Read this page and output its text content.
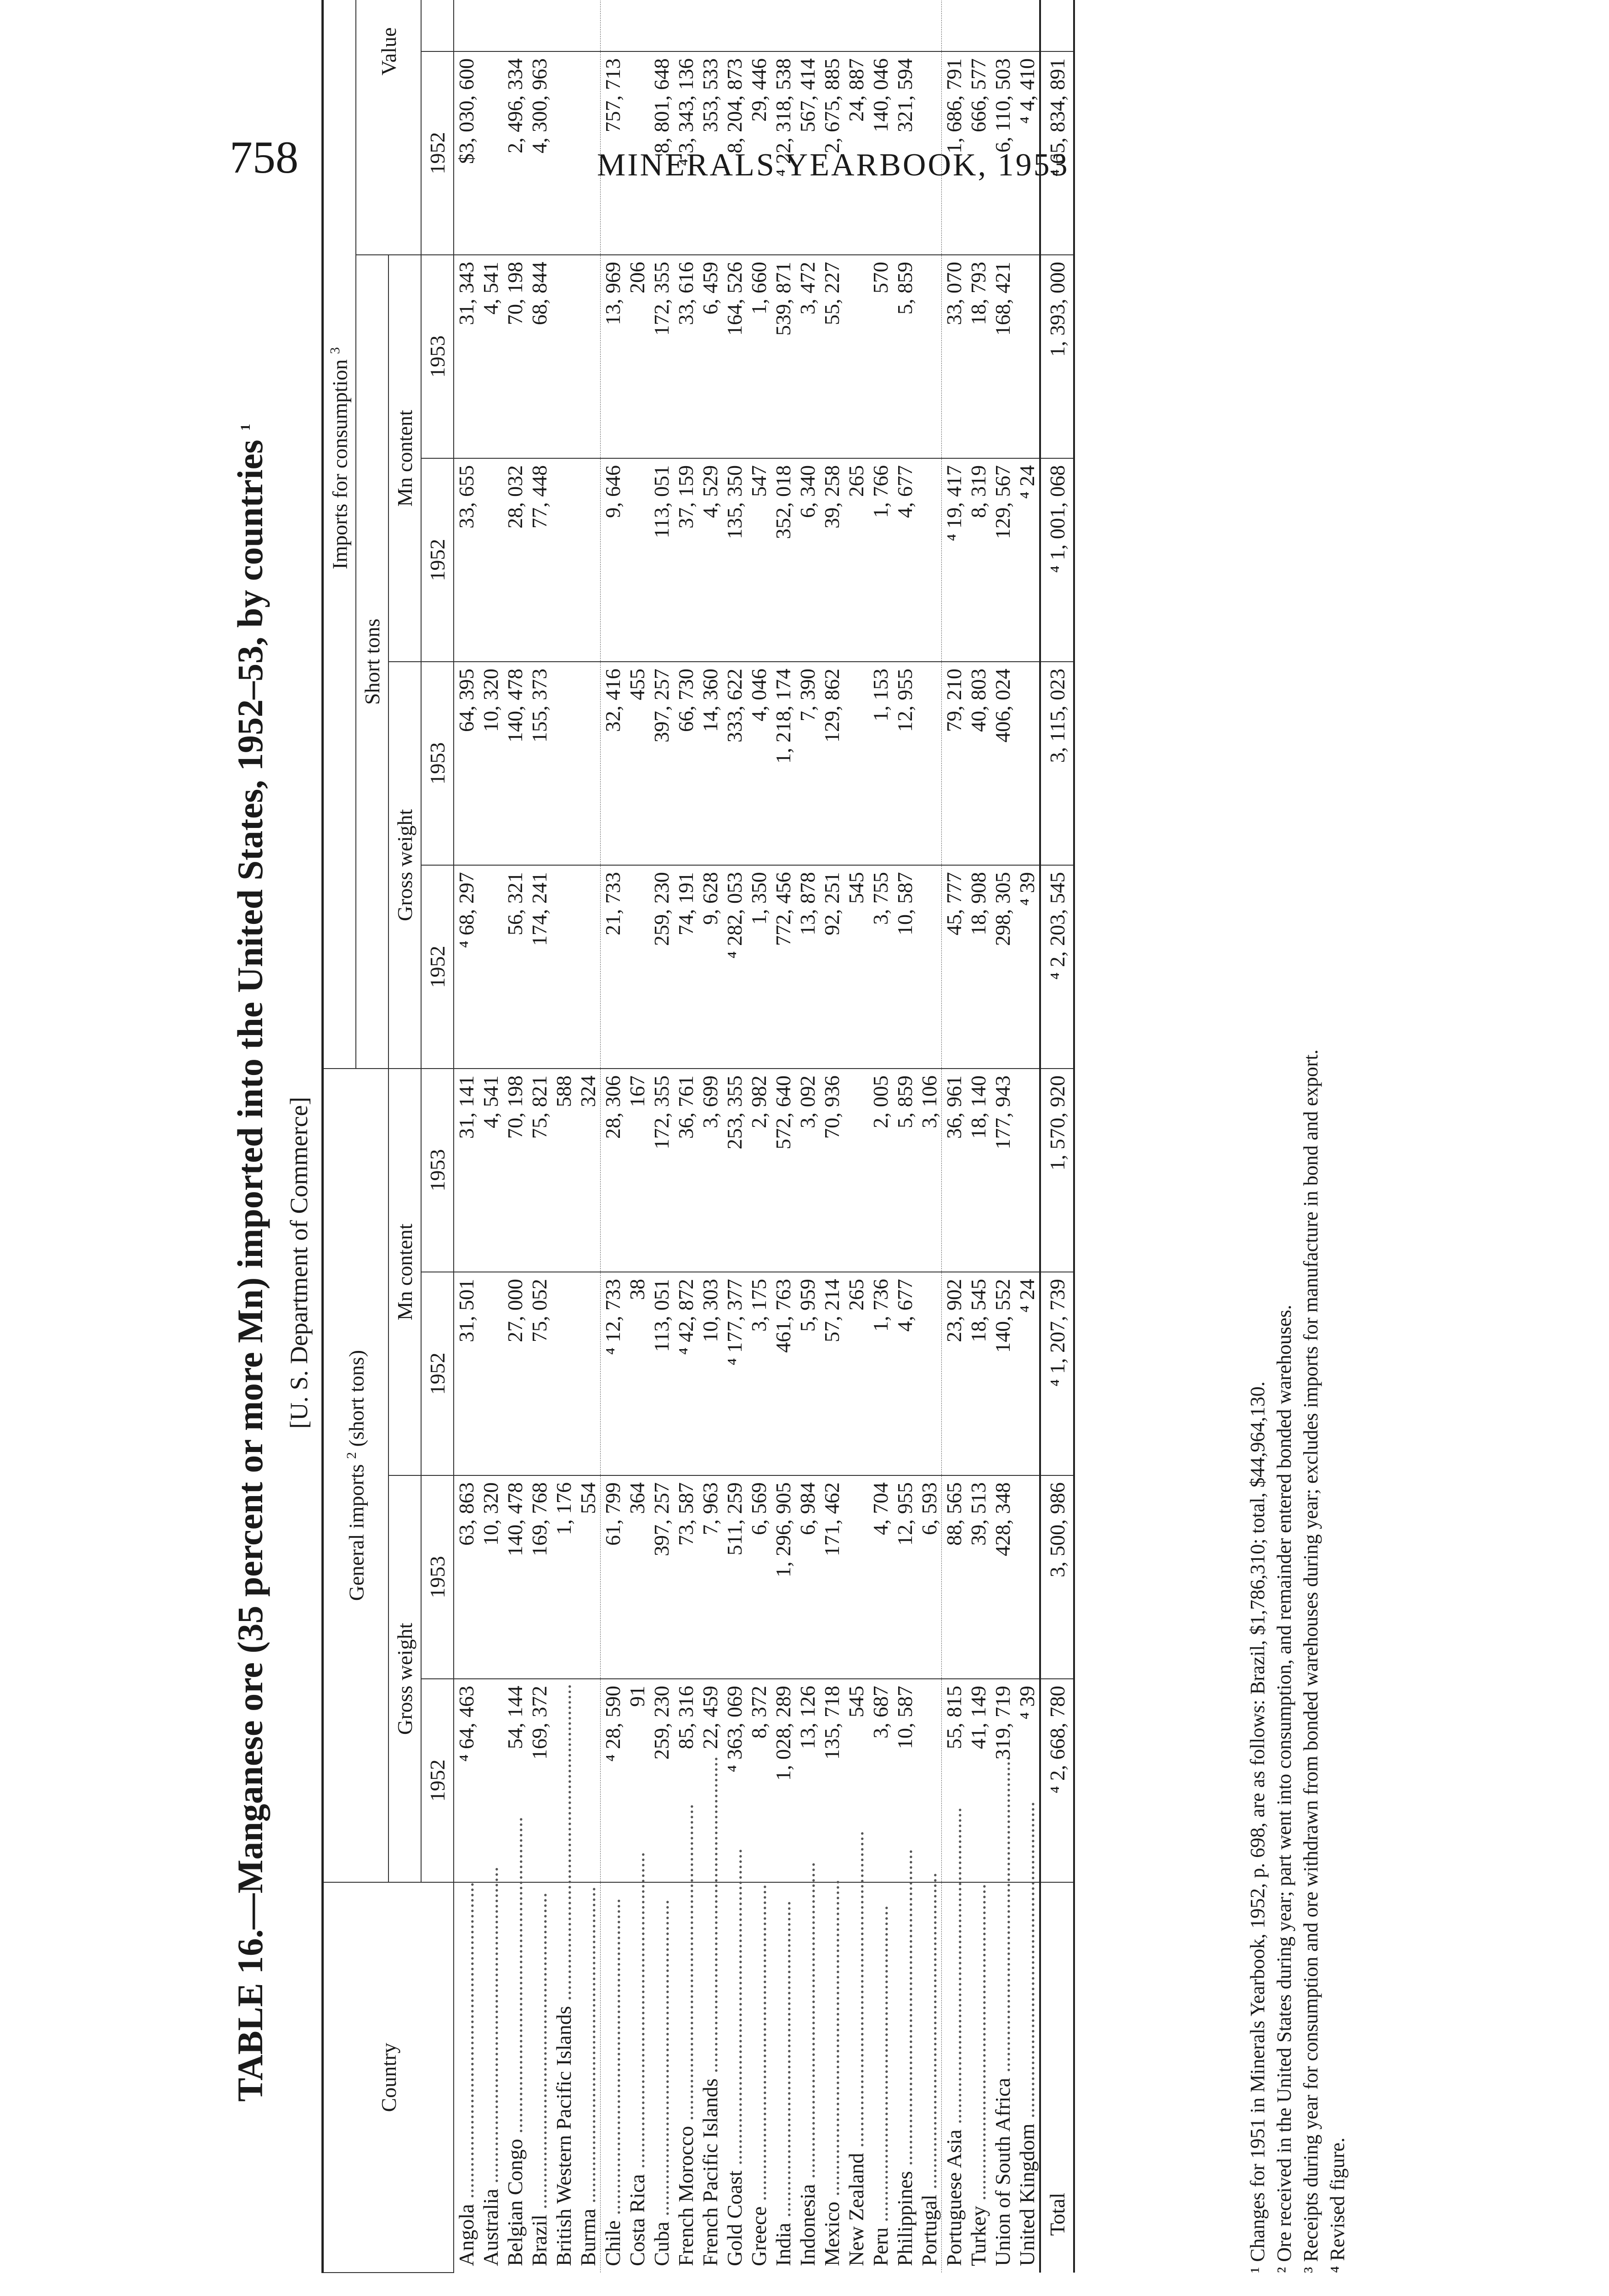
758	MINERALS YEARBOOK, 1953
TABLE 16.—Manganese ore (35 percent or more Mn) imported into the United States, 1952–53, by countries $^1$
[U. S. Department of Commerce]
Country	General imports $^2$ (short tons)				Imports for consumption $^3$
					Short tons				Value	
	Gross weight		Mn content		Gross weight		Mn content			
	1952	1953	1952	1953	1952	1953	1952	1953	1952	
Angola ............................................................	⁴ 64, 463	63, 863	31, 501	31, 141	⁴ 68, 297	64, 395	33, 655	31, 343	$3, 030, 600	
Australia ............................................................		10, 320		4, 541		10, 320		4, 541		
Belgian Congo ............................................................	54, 144	140, 478	27, 000	70, 198	56, 321	140, 478	28, 032	70, 198	2, 496, 334	
Brazil ............................................................	169, 372	169, 768	75, 052	75, 821	174, 241	155, 373	77, 448	68, 844	4, 300, 963	
British Western Pacific Islands ............................................................		1, 176		588						
Burma ............................................................		554		324						
Chile ............................................................	⁴ 28, 590	61, 799	⁴ 12, 733	28, 306	21, 733	32, 416	9, 646	13, 969	757, 713	
Costa Rica ............................................................	91	364	38	167		455		206		
Cuba ............................................................	259, 230	397, 257	113, 051	172, 355	259, 230	397, 257	113, 051	172, 355	8, 801, 648	
French Morocco ............................................................	85, 316	73, 587	⁴ 42, 872	36, 761	74, 191	66, 730	37, 159	33, 616	⁴ 3, 343, 136	
French Pacific Islands ............................................................	22, 459	7, 963	10, 303	3, 699	9, 628	14, 360	4, 529	6, 459	353, 533	
Gold Coast ............................................................	⁴ 363, 069	511, 259	⁴ 177, 377	253, 355	⁴ 282, 053	333, 622	135, 350	164, 526	8, 204, 873	
Greece ............................................................	8, 372	6, 569	3, 175	2, 982	1, 350	4, 046	547	1, 660	29, 446	
India ............................................................	1, 028, 289	1, 296, 905	461, 763	572, 640	772, 456	1, 218, 174	352, 018	539, 871	⁴ 22, 318, 538	
Indonesia ............................................................	13, 126	6, 984	5, 959	3, 092	13, 878	7, 390	6, 340	3, 472	567, 414	
Mexico ............................................................	135, 718	171, 462	57, 214	70, 936	92, 251	129, 862	39, 258	55, 227	2, 675, 885	
New Zealand ............................................................	545		265		545		265		24, 887	
Peru ............................................................	3, 687	4, 704	1, 736	2, 005	3, 755	1, 153	1, 766	570	140, 046	
Philippines ............................................................	10, 587	12, 955	4, 677	5, 859	10, 587	12, 955	4, 677	5, 859	321, 594	
Portugal ............................................................		6, 593		3, 106						
Portuguese Asia ............................................................	55, 815	88, 565	23, 902	36, 961	45, 777	79, 210	⁴ 19, 417	33, 070	1, 686, 791	
Turkey ............................................................	41, 149	39, 513	18, 545	18, 140	18, 908	40, 803	8, 319	18, 793	666, 577	
Union of South Africa ............................................................	319, 719	428, 348	140, 552	177, 943	298, 305	406, 024	129, 567	168, 421	6, 110, 503	
United Kingdom ............................................................	⁴ 39		⁴ 24		⁴ 39		⁴ 24		⁴ 4, 410	
Total	⁴ 2, 668, 780	3, 500, 986	⁴ 1, 207, 739	1, 570, 920	⁴ 2, 203, 545	3, 115, 023	⁴ 1, 001, 068	1, 393, 000	⁴ 65, 834, 891	
¹ Changes for 1951 in Minerals Yearbook, 1952, p. 698, are as follows: Brazil, $1,786,310; total, $44,964,130. ² Ore received in the United States during year; part went into consumption, and remainder entered bonded warehouses. ³ Receipts during year for consumption and ore withdrawn from bonded warehouses during year; excludes imports for manufacture in bond and export. ⁴ Revised figure.
